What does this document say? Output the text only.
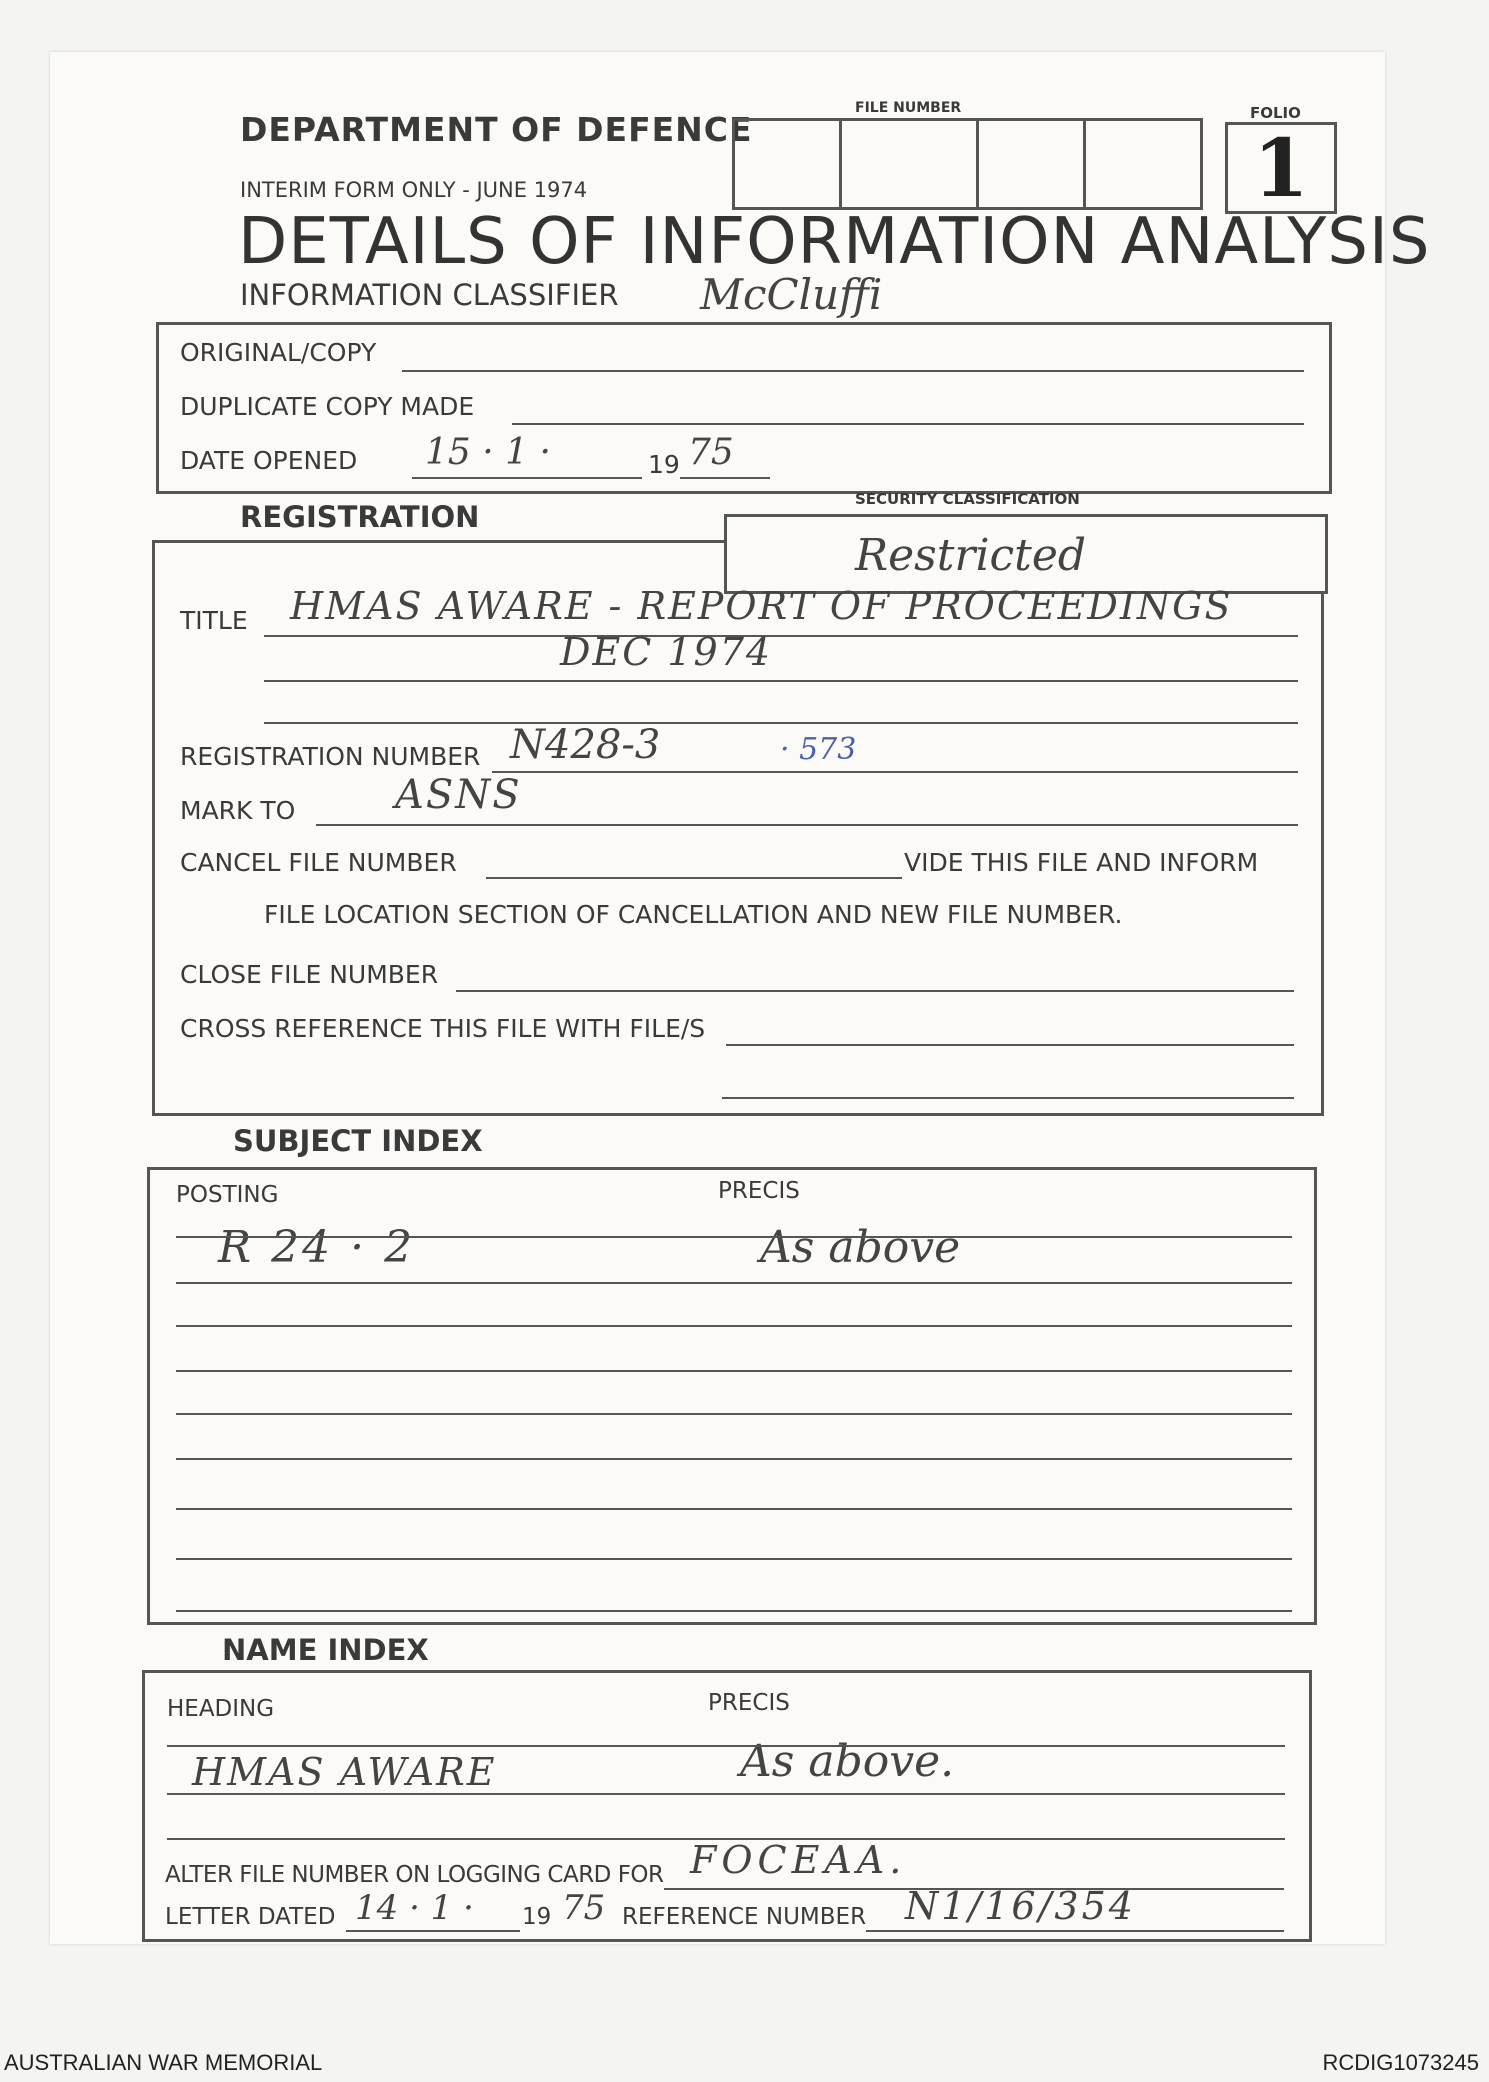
DEPARTMENT OF DEFENCE
INTERIM FORM ONLY - JUNE 1974
FILE NUMBER	FOLIO
1
DETAILS OF INFORMATION ANALYSIS
INFORMATION CLASSIFIER McCluffi
ORIGINAL/COPY
DUPLICATE COPY MADE
DATE OPENED 15 · 1 ·	19 75
REGISTRATION
SECURITY CLASSIFICATION
Restricted
TITLE HMAS AWARE - REPORT OF PROCEEDINGS
DEC 1974
REGISTRATION NUMBER N428-3	· 573
MARK TO ASNS
CANCEL FILE NUMBER	VIDE THIS FILE AND INFORM
FILE LOCATION SECTION OF CANCELLATION AND NEW FILE NUMBER.
CLOSE FILE NUMBER
CROSS REFERENCE THIS FILE WITH FILE/S
SUBJECT INDEX
POSTING	PRECIS
R 24 · 2	As above
NAME INDEX
HEADING	PRECIS
HMAS AWARE	As above.
ALTER FILE NUMBER ON LOGGING CARD FOR FOCEAA.
LETTER DATED 14 · 1 · 19 75 REFERENCE NUMBER N1/16/354
AUSTRALIAN WAR MEMORIAL	RCDIG1073245
